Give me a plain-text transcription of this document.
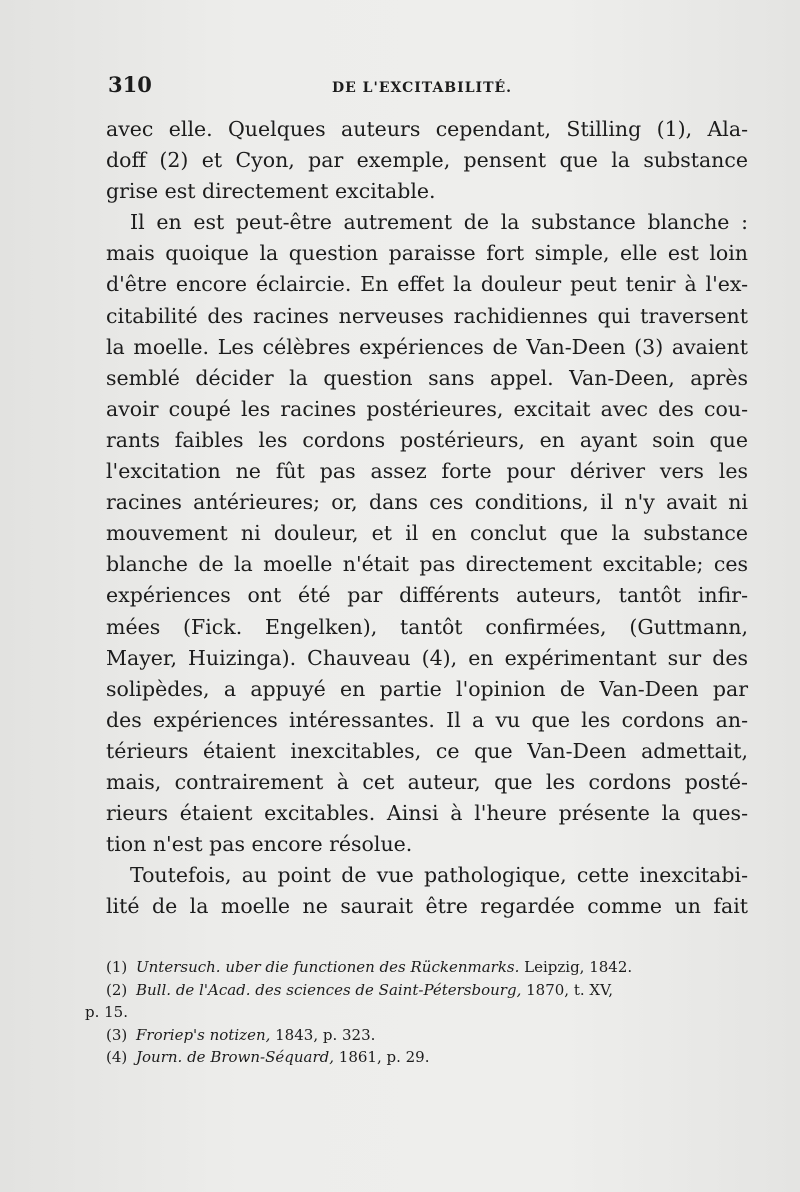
310	DE L'EXCITABILITÉ.
avec elle. Quelques auteurs cependant, Stilling (1), Ala-
doff (2) et Cyon, par exemple, pensent que la substance
grise est directement excitable.
Il en est peut-être autrement de la substance blanche :
mais quoique la question paraisse fort simple, elle est loin
d'être encore éclaircie. En effet la douleur peut tenir à l'ex-
citabilité des racines nerveuses rachidiennes qui traversent
la moelle. Les célèbres expériences de Van-Deen (3) avaient
semblé décider la question sans appel. Van-Deen, après
avoir coupé les racines postérieures, excitait avec des cou-
rants faibles les cordons postérieurs, en ayant soin que
l'excitation ne fût pas assez forte pour dériver vers les
racines antérieures; or, dans ces conditions, il n'y avait ni
mouvement ni douleur, et il en conclut que la substance
blanche de la moelle n'était pas directement excitable; ces
expériences ont été par différents auteurs, tantôt infir-
mées (Fick. Engelken), tantôt confirmées, (Guttmann,
Mayer, Huizinga). Chauveau (4), en expérimentant sur des
solipèdes, a appuyé en partie l'opinion de Van-Deen par
des expériences intéressantes. Il a vu que les cordons an-
térieurs étaient inexcitables, ce que Van-Deen admettait,
mais, contrairement à cet auteur, que les cordons posté-
rieurs étaient excitables. Ainsi à l'heure présente la ques-
tion n'est pas encore résolue.
Toutefois, au point de vue pathologique, cette inexcitabi-
lité de la moelle ne saurait être regardée comme un fait
(1) Untersuch. uber die functionen des Rückenmarks. Leipzig, 1842.
(2) Bull. de l'Acad. des sciences de Saint-Pétersbourg, 1870, t. XV,
p. 15.
(3) Froriep's notizen, 1843, p. 323.
(4) Journ. de Brown-Séquard, 1861, p. 29.
